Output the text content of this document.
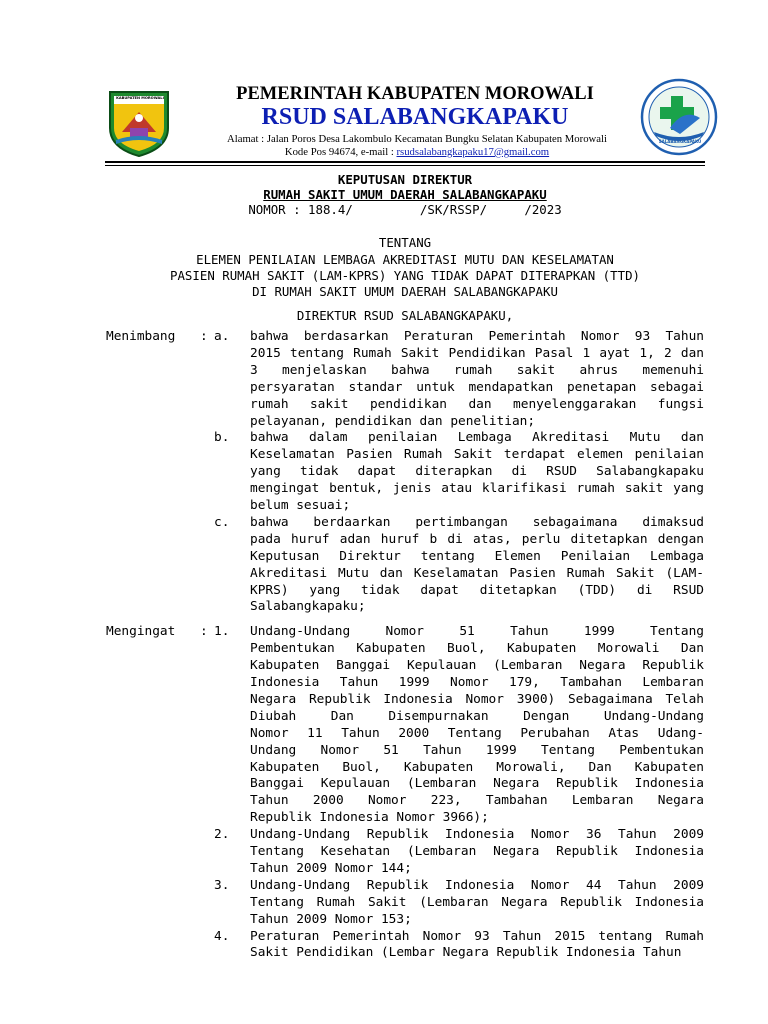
KABUPATEN MOROWALI	PEMERINTAH KABUPATEN MOROWALI
RSUD SALABANGKAPAKU
Alamat : Jalan Poros Desa Lakombulo Kecamatan Bungku Selatan Kabupaten Morowali
Kode Pos 94674, e-mail : rsudsalabangkapaku17@gmail.com
SALABANGKAPAKU
KEPUTUSAN DIREKTUR
RUMAH SAKIT UMUM DAERAH SALABANGKAPAKU
NOMOR : 188.4/         /SK/RSSP/     /2023
TENTANG
ELEMEN PENILAIAN LEMBAGA AKREDITASI MUTU DAN KESELAMATAN
PASIEN RUMAH SAKIT (LAM-KPRS) YANG TIDAK DAPAT DITERAPKAN (TTD)
DI RUMAH SAKIT UMUM DAERAH SALABANGKAPAKU
DIREKTUR RSUD SALABANGKAPAKU,
Menimbang : a. bahwa berdasarkan Peraturan Pemerintah Nomor 93 Tahun
2015 tentang Rumah Sakit Pendidikan Pasal 1 ayat 1, 2 dan
3 menjelaskan bahwa rumah sakit ahrus memenuhi
persyaratan standar untuk mendapatkan penetapan sebagai
rumah sakit pendidikan dan menyelenggarakan fungsi
pelayanan, pendidikan dan penelitian;
b. bahwa dalam penilaian Lembaga Akreditasi Mutu dan
Keselamatan Pasien Rumah Sakit terdapat elemen penilaian
yang tidak dapat diterapkan di RSUD Salabangkapaku
mengingat bentuk, jenis atau klarifikasi rumah sakit yang
belum sesuai;
c. bahwa berdaarkan pertimbangan sebagaimana dimaksud
pada huruf adan huruf b di atas, perlu ditetapkan dengan
Keputusan Direktur tentang Elemen Penilaian Lembaga
Akreditasi Mutu dan Keselamatan Pasien Rumah Sakit (LAM-
KPRS) yang tidak dapat ditetapkan (TDD) di RSUD
Salabangkapaku;
Mengingat : 1. Undang-Undang Nomor 51 Tahun 1999 Tentang
Pembentukan Kabupaten Buol, Kabupaten Morowali Dan
Kabupaten Banggai Kepulauan (Lembaran Negara Republik
Indonesia Tahun 1999 Nomor 179, Tambahan Lembaran
Negara Republik Indonesia Nomor 3900) Sebagaimana Telah
Diubah Dan Disempurnakan Dengan Undang-Undang
Nomor 11 Tahun 2000 Tentang Perubahan Atas Udang-
Undang Nomor 51 Tahun 1999 Tentang Pembentukan
Kabupaten Buol, Kabupaten Morowali, Dan Kabupaten
Banggai Kepulauan (Lembaran Negara Republik Indonesia
Tahun 2000 Nomor 223, Tambahan Lembaran Negara
Republik Indonesia Nomor 3966);
2. Undang-Undang Republik Indonesia Nomor 36 Tahun 2009
Tentang Kesehatan (Lembaran Negara Republik Indonesia
Tahun 2009 Nomor 144;
3. Undang-Undang Republik Indonesia Nomor 44 Tahun 2009
Tentang Rumah Sakit (Lembaran Negara Republik Indonesia
Tahun 2009 Nomor 153;
4. Peraturan Pemerintah Nomor 93 Tahun 2015 tentang Rumah
Sakit Pendidikan (Lembar Negara Republik Indonesia Tahun
